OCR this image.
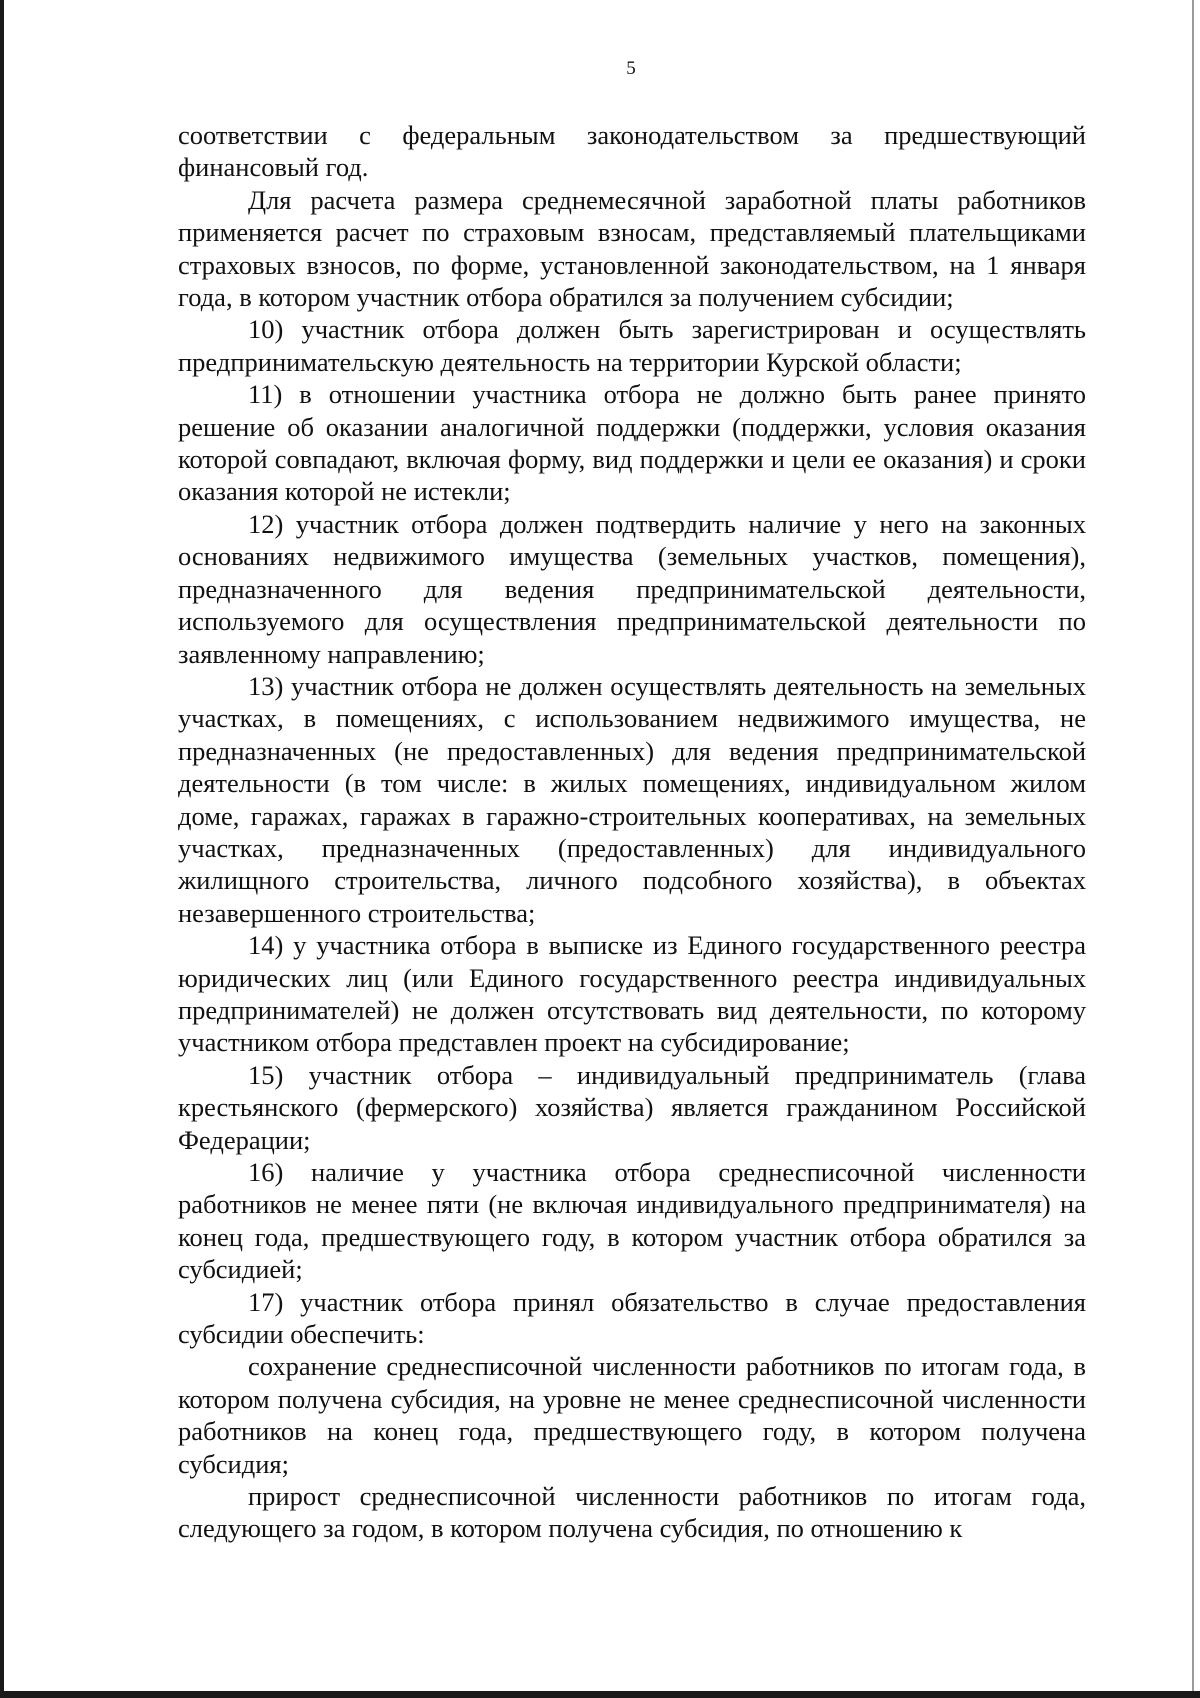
5

соответствии с федеральным законодательством за предшествующий финансовый год.

Для расчета размера среднемесячной заработной платы работников применяется расчет по страховым взносам, представляемый плательщиками страховых взносов, по форме, установленной законодательством, на 1 января года, в котором участник отбора обратился за получением субсидии;

10) участник отбора должен быть зарегистрирован и осуществлять предпринимательскую деятельность на территории Курской области;

11) в отношении участника отбора не должно быть ранее принято решение об оказании аналогичной поддержки (поддержки, условия оказания которой совпадают, включая форму, вид поддержки и цели ее оказания) и сроки оказания которой не истекли;

12) участник отбора должен подтвердить наличие у него на законных основаниях недвижимого имущества (земельных участков, помещения), предназначенного для ведения предпринимательской деятельности, используемого для осуществления предпринимательской деятельности по заявленному направлению;

13) участник отбора не должен осуществлять деятельность на земельных участках, в помещениях, с использованием недвижимого имущества, не предназначенных (не предоставленных) для ведения предпринимательской деятельности (в том числе: в жилых помещениях, индивидуальном жилом доме, гаражах, гаражах в гаражно-строительных кооперативах, на земельных участках, предназначенных (предоставленных) для индивидуального жилищного строительства, личного подсобного хозяйства), в объектах незавершенного строительства;

14) у участника отбора в выписке из Единого государственного реестра юридических лиц (или Единого государственного реестра индивидуальных предпринимателей) не должен отсутствовать вид деятельности, по которому участником отбора представлен проект на субсидирование;

15) участник отбора – индивидуальный предприниматель (глава крестьянского (фермерского) хозяйства) является гражданином Российской Федерации;

16) наличие у участника отбора среднесписочной численности работников не менее пяти (не включая индивидуального предпринимателя) на конец года, предшествующего году, в котором участник отбора обратился за субсидией;

17) участник отбора принял обязательство в случае предоставления субсидии обеспечить:

сохранение среднесписочной численности работников по итогам года, в котором получена субсидия, на уровне не менее среднесписочной численности работников на конец года, предшествующего году, в котором получена субсидия;

прирост среднесписочной численности работников по итогам года, следующего за годом, в котором получена субсидия, по отношению к
